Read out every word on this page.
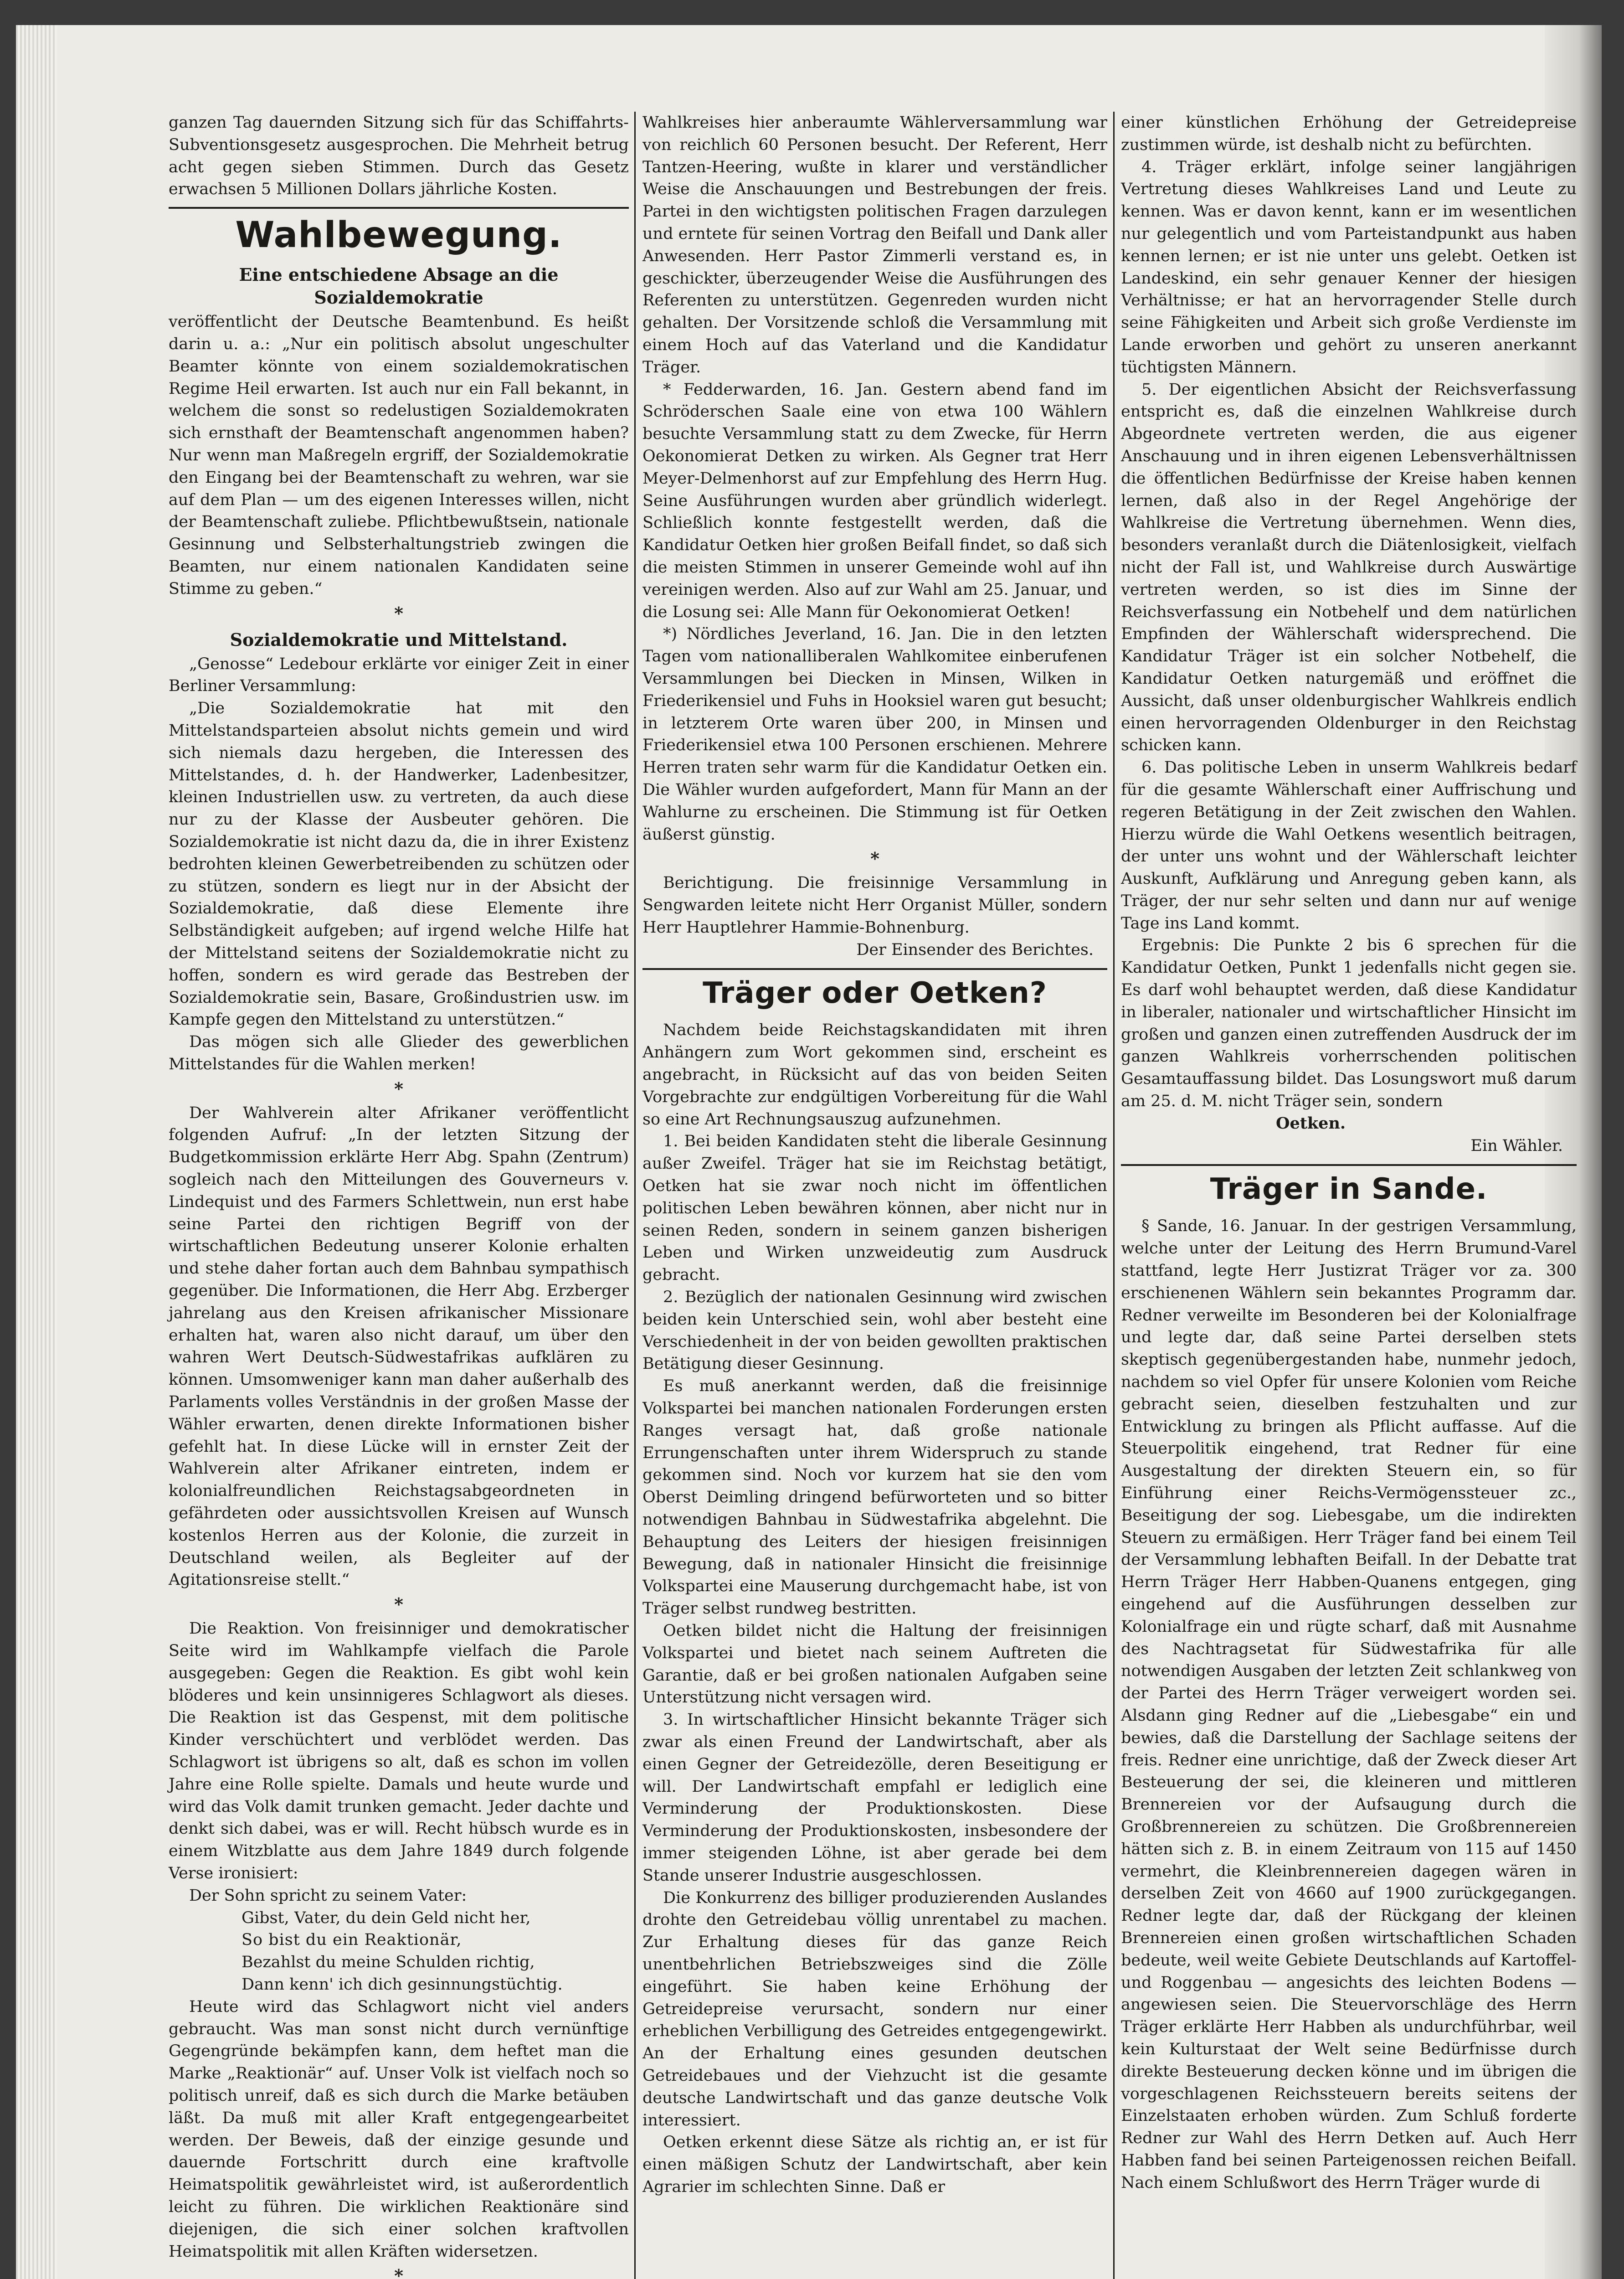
ganzen Tag dauernden Sitzung sich für das Schiffahrts-Subventionsgesetz ausgesprochen. Die Mehrheit betrug acht gegen sieben Stimmen. Durch das Gesetz erwachsen 5 Millionen Dollars jährliche Kosten.

Wahlbewegung.
Eine entschiedene Absage an die Sozialdemokratie

veröffentlicht der Deutsche Beamtenbund. Es heißt darin u. a.: „Nur ein politisch absolut ungeschulter Beamter könnte von einem sozialdemokratischen Regime Heil erwarten. Ist auch nur ein Fall bekannt, in welchem die sonst so redelustigen Sozialdemokraten sich ernsthaft der Beamtenschaft angenommen haben? Nur wenn man Maßregeln ergriff, der Sozialdemokratie den Eingang bei der Beamtenschaft zu wehren, war sie auf dem Plan — um des eigenen Interesses willen, nicht der Beamtenschaft zuliebe. Pflichtbewußtsein, nationale Gesinnung und Selbsterhaltungstrieb zwingen die Beamten, nur einem nationalen Kandidaten seine Stimme zu geben.“

*
Sozialdemokratie und Mittelstand.

„Genosse“ Ledebour erklärte vor einiger Zeit in einer Berliner Versammlung:

„Die Sozialdemokratie hat mit den Mittelstandsparteien absolut nichts gemein und wird sich niemals dazu hergeben, die Interessen des Mittelstandes, d. h. der Handwerker, Ladenbesitzer, kleinen Industriellen usw. zu vertreten, da auch diese nur zu der Klasse der Ausbeuter gehören. Die Sozialdemokratie ist nicht dazu da, die in ihrer Existenz bedrohten kleinen Gewerbetreibenden zu schützen oder zu stützen, sondern es liegt nur in der Absicht der Sozialdemokratie, daß diese Elemente ihre Selbständigkeit aufgeben; auf irgend welche Hilfe hat der Mittelstand seitens der Sozialdemokratie nicht zu hoffen, sondern es wird gerade das Bestreben der Sozialdemokratie sein, Basare, Großindustrien usw. im Kampfe gegen den Mittelstand zu unterstützen.“

Das mögen sich alle Glieder des gewerblichen Mittelstandes für die Wahlen merken!

*

Der Wahlverein alter Afrikaner veröffentlicht folgenden Aufruf: „In der letzten Sitzung der Budgetkommission erklärte Herr Abg. Spahn (Zentrum) sogleich nach den Mitteilungen des Gouverneurs v. Lindequist und des Farmers Schlettwein, nun erst habe seine Partei den richtigen Begriff von der wirtschaftlichen Bedeutung unserer Kolonie erhalten und stehe daher fortan auch dem Bahnbau sympathisch gegenüber. Die Informationen, die Herr Abg. Erzberger jahrelang aus den Kreisen afrikanischer Missionare erhalten hat, waren also nicht darauf, um über den wahren Wert Deutsch-Südwestafrikas aufklären zu können. Umsomweniger kann man daher außerhalb des Parlaments volles Verständnis in der großen Masse der Wähler erwarten, denen direkte Informationen bisher gefehlt hat. In diese Lücke will in ernster Zeit der Wahlverein alter Afrikaner eintreten, indem er kolonialfreundlichen Reichstagsabgeordneten in gefährdeten oder aussichtsvollen Kreisen auf Wunsch kostenlos Herren aus der Kolonie, die zurzeit in Deutschland weilen, als Begleiter auf der Agitationsreise stellt.“

*

Die Reaktion. Von freisinniger und demokratischer Seite wird im Wahlkampfe vielfach die Parole ausgegeben: Gegen die Reaktion. Es gibt wohl kein blöderes und kein unsinnigeres Schlagwort als dieses. Die Reaktion ist das Gespenst, mit dem politische Kinder verschüchtert und verblödet werden. Das Schlagwort ist übrigens so alt, daß es schon im vollen Jahre eine Rolle spielte. Damals und heute wurde und wird das Volk damit trunken gemacht. Jeder dachte und denkt sich dabei, was er will. Recht hübsch wurde es in einem Witzblatte aus dem Jahre 1849 durch folgende Verse ironisiert:

Der Sohn spricht zu seinem Vater:

Gibst, Vater, du dein Geld nicht her,

So bist du ein Reaktionär,

Bezahlst du meine Schulden richtig,

Dann kenn' ich dich gesinnungstüchtig.

Heute wird das Schlagwort nicht viel anders gebraucht. Was man sonst nicht durch vernünftige Gegengründe bekämpfen kann, dem heftet man die Marke „Reaktionär“ auf. Unser Volk ist vielfach noch so politisch unreif, daß es sich durch die Marke betäuben läßt. Da muß mit aller Kraft entgegengearbeitet werden. Der Beweis, daß der einzige gesunde und dauernde Fortschritt durch eine kraftvolle Heimatspolitik gewährleistet wird, ist außerordentlich leicht zu führen. Die wirklichen Reaktionäre sind diejenigen, die sich einer solchen kraftvollen Heimatspolitik mit allen Kräften widersetzen.

*

Wahlkreises hier anberaumte Wählerversammlung war von reichlich 60 Personen besucht. Der Referent, Herr Tantzen-Heering, wußte in klarer und verständlicher Weise die Anschauungen und Bestrebungen der freis. Partei in den wichtigsten politischen Fragen darzulegen und erntete für seinen Vortrag den Beifall und Dank aller Anwesenden. Herr Pastor Zimmerli verstand es, in geschickter, überzeugender Weise die Ausführungen des Referenten zu unterstützen. Gegenreden wurden nicht gehalten. Der Vorsitzende schloß die Versammlung mit einem Hoch auf das Vaterland und die Kandidatur Träger.

* Fedderwarden, 16. Jan. Gestern abend fand im Schröderschen Saale eine von etwa 100 Wählern besuchte Versammlung statt zu dem Zwecke, für Herrn Oekonomierat Detken zu wirken. Als Gegner trat Herr Meyer-Delmenhorst auf zur Empfehlung des Herrn Hug. Seine Ausführungen wurden aber gründlich widerlegt. Schließlich konnte festgestellt werden, daß die Kandidatur Oetken hier großen Beifall findet, so daß sich die meisten Stimmen in unserer Gemeinde wohl auf ihn vereinigen werden. Also auf zur Wahl am 25. Januar, und die Losung sei: Alle Mann für Oekonomierat Oetken!

*) Nördliches Jeverland, 16. Jan. Die in den letzten Tagen vom nationalliberalen Wahlkomitee einberufenen Versammlungen bei Diecken in Minsen, Wilken in Friederikensiel und Fuhs in Hooksiel waren gut besucht; in letzterem Orte waren über 200, in Minsen und Friederikensiel etwa 100 Personen erschienen. Mehrere Herren traten sehr warm für die Kandidatur Oetken ein. Die Wähler wurden aufgefordert, Mann für Mann an der Wahlurne zu erscheinen. Die Stimmung ist für Oetken äußerst günstig.

*

Berichtigung. Die freisinnige Versammlung in Sengwarden leitete nicht Herr Organist Müller, sondern Herr Hauptlehrer Hammie-Bohnenburg.

Der Einsender des Berichtes.

Träger oder Oetken?

Nachdem beide Reichstagskandidaten mit ihren Anhängern zum Wort gekommen sind, erscheint es angebracht, in Rücksicht auf das von beiden Seiten Vorgebrachte zur endgültigen Vorbereitung für die Wahl so eine Art Rechnungsauszug aufzunehmen.

1. Bei beiden Kandidaten steht die liberale Gesinnung außer Zweifel. Träger hat sie im Reichstag betätigt, Oetken hat sie zwar noch nicht im öffentlichen politischen Leben bewähren können, aber nicht nur in seinen Reden, sondern in seinem ganzen bisherigen Leben und Wirken unzweideutig zum Ausdruck gebracht.

2. Bezüglich der nationalen Gesinnung wird zwischen beiden kein Unterschied sein, wohl aber besteht eine Verschiedenheit in der von beiden gewollten praktischen Betätigung dieser Gesinnung.

Es muß anerkannt werden, daß die freisinnige Volkspartei bei manchen nationalen Forderungen ersten Ranges versagt hat, daß große nationale Errungenschaften unter ihrem Widerspruch zu stande gekommen sind. Noch vor kurzem hat sie den vom Oberst Deimling dringend befürworteten und so bitter notwendigen Bahnbau in Südwestafrika abgelehnt. Die Behauptung des Leiters der hiesigen freisinnigen Bewegung, daß in nationaler Hinsicht die freisinnige Volkspartei eine Mauserung durchgemacht habe, ist von Träger selbst rundweg bestritten.

Oetken bildet nicht die Haltung der freisinnigen Volkspartei und bietet nach seinem Auftreten die Garantie, daß er bei großen nationalen Aufgaben seine Unterstützung nicht versagen wird.

3. In wirtschaftlicher Hinsicht bekannte Träger sich zwar als einen Freund der Landwirtschaft, aber als einen Gegner der Getreidezölle, deren Beseitigung er will. Der Landwirtschaft empfahl er lediglich eine Verminderung der Produktionskosten. Diese Verminderung der Produktionskosten, insbesondere der immer steigenden Löhne, ist aber gerade bei dem Stande unserer Industrie ausgeschlossen.

Die Konkurrenz des billiger produzierenden Auslandes drohte den Getreidebau völlig unrentabel zu machen. Zur Erhaltung dieses für das ganze Reich unentbehrlichen Betriebszweiges sind die Zölle eingeführt. Sie haben keine Erhöhung der Getreidepreise verursacht, sondern nur einer erheblichen Verbilligung des Getreides entgegengewirkt. An der Erhaltung eines gesunden deutschen Getreidebaues und der Viehzucht ist die gesamte deutsche Landwirtschaft und das ganze deutsche Volk interessiert.

Oetken erkennt diese Sätze als richtig an, er ist für einen mäßigen Schutz der Landwirtschaft, aber kein Agrarier im schlechten Sinne. Daß er

einer künstlichen Erhöhung der Getreidepreise zustimmen würde, ist deshalb nicht zu befürchten.

4. Träger erklärt, infolge seiner langjährigen Vertretung dieses Wahlkreises Land und Leute zu kennen. Was er davon kennt, kann er im wesentlichen nur gelegentlich und vom Parteistandpunkt aus haben kennen lernen; er ist nie unter uns gelebt. Oetken ist Landeskind, ein sehr genauer Kenner der hiesigen Verhältnisse; er hat an hervorragender Stelle durch seine Fähigkeiten und Arbeit sich große Verdienste im Lande erworben und gehört zu unseren anerkannt tüchtigsten Männern.

5. Der eigentlichen Absicht der Reichsverfassung entspricht es, daß die einzelnen Wahlkreise durch Abgeordnete vertreten werden, die aus eigener Anschauung und in ihren eigenen Lebensverhältnissen die öffentlichen Bedürfnisse der Kreise haben kennen lernen, daß also in der Regel Angehörige der Wahlkreise die Vertretung übernehmen. Wenn dies, besonders veranlaßt durch die Diätenlosigkeit, vielfach nicht der Fall ist, und Wahlkreise durch Auswärtige vertreten werden, so ist dies im Sinne der Reichsverfassung ein Notbehelf und dem natürlichen Empfinden der Wählerschaft widersprechend. Die Kandidatur Träger ist ein solcher Notbehelf, die Kandidatur Oetken naturgemäß und eröffnet die Aussicht, daß unser oldenburgischer Wahlkreis endlich einen hervorragenden Oldenburger in den Reichstag schicken kann.

6. Das politische Leben in unserm Wahlkreis bedarf für die gesamte Wählerschaft einer Auffrischung und regeren Betätigung in der Zeit zwischen den Wahlen. Hierzu würde die Wahl Oetkens wesentlich beitragen, der unter uns wohnt und der Wählerschaft leichter Auskunft, Aufklärung und Anregung geben kann, als Träger, der nur sehr selten und dann nur auf wenige Tage ins Land kommt.

Ergebnis: Die Punkte 2 bis 6 sprechen für die Kandidatur Oetken, Punkt 1 jedenfalls nicht gegen sie. Es darf wohl behauptet werden, daß diese Kandidatur in liberaler, nationaler und wirtschaftlicher Hinsicht im großen und ganzen einen zutreffenden Ausdruck der im ganzen Wahlkreis vorherrschenden politischen Gesamtauffassung bildet. Das Losungswort muß darum am 25. d. M. nicht Träger sein, sondern

Oetken.

Ein Wähler.

Träger in Sande.

§ Sande, 16. Januar. In der gestrigen Versammlung, welche unter der Leitung des Herrn Brumund-Varel stattfand, legte Herr Justizrat Träger vor za. 300 erschienenen Wählern sein bekanntes Programm dar. Redner verweilte im Besonderen bei der Kolonialfrage und legte dar, daß seine Partei derselben stets skeptisch gegenübergestanden habe, nunmehr jedoch, nachdem so viel Opfer für unsere Kolonien vom Reiche gebracht seien, dieselben festzuhalten und zur Entwicklung zu bringen als Pflicht auffasse. Auf die Steuerpolitik eingehend, trat Redner für eine Ausgestaltung der direkten Steuern ein, so für Einführung einer Reichs-Vermögenssteuer zc., Beseitigung der sog. Liebesgabe, um die indirekten Steuern zu ermäßigen. Herr Träger fand bei einem Teil der Versammlung lebhaften Beifall. In der Debatte trat Herrn Träger Herr Habben-Quanens entgegen, ging eingehend auf die Ausführungen desselben zur Kolonialfrage ein und rügte scharf, daß mit Ausnahme des Nachtragsetat für Südwestafrika für alle notwendigen Ausgaben der letzten Zeit schlankweg von der Partei des Herrn Träger verweigert worden sei. Alsdann ging Redner auf die „Liebesgabe“ ein und bewies, daß die Darstellung der Sachlage seitens der freis. Redner eine unrichtige, daß der Zweck dieser Art Besteuerung der sei, die kleineren und mittleren Brennereien vor der Aufsaugung durch die Großbrennereien zu schützen. Die Großbrennereien hätten sich z. B. in einem Zeitraum von 115 auf 1450 vermehrt, die Kleinbrennereien dagegen wären in derselben Zeit von 4660 auf 1900 zurückgegangen. Redner legte dar, daß der Rückgang der kleinen Brennereien einen großen wirtschaftlichen Schaden bedeute, weil weite Gebiete Deutschlands auf Kartoffel- und Roggenbau — angesichts des leichten Bodens — angewiesen seien. Die Steuervorschläge des Herrn Träger erklärte Herr Habben als undurchführbar, weil kein Kulturstaat der Welt seine Bedürfnisse durch direkte Besteuerung decken könne und im übrigen die vorgeschlagenen Reichssteuern bereits seitens der Einzelstaaten erhoben würden. Zum Schluß forderte Redner zur Wahl des Herrn Detken auf. Auch Herr Habben fand bei seinen Parteigenossen reichen Beifall. Nach einem Schlußwort des Herrn Träger wurde di
